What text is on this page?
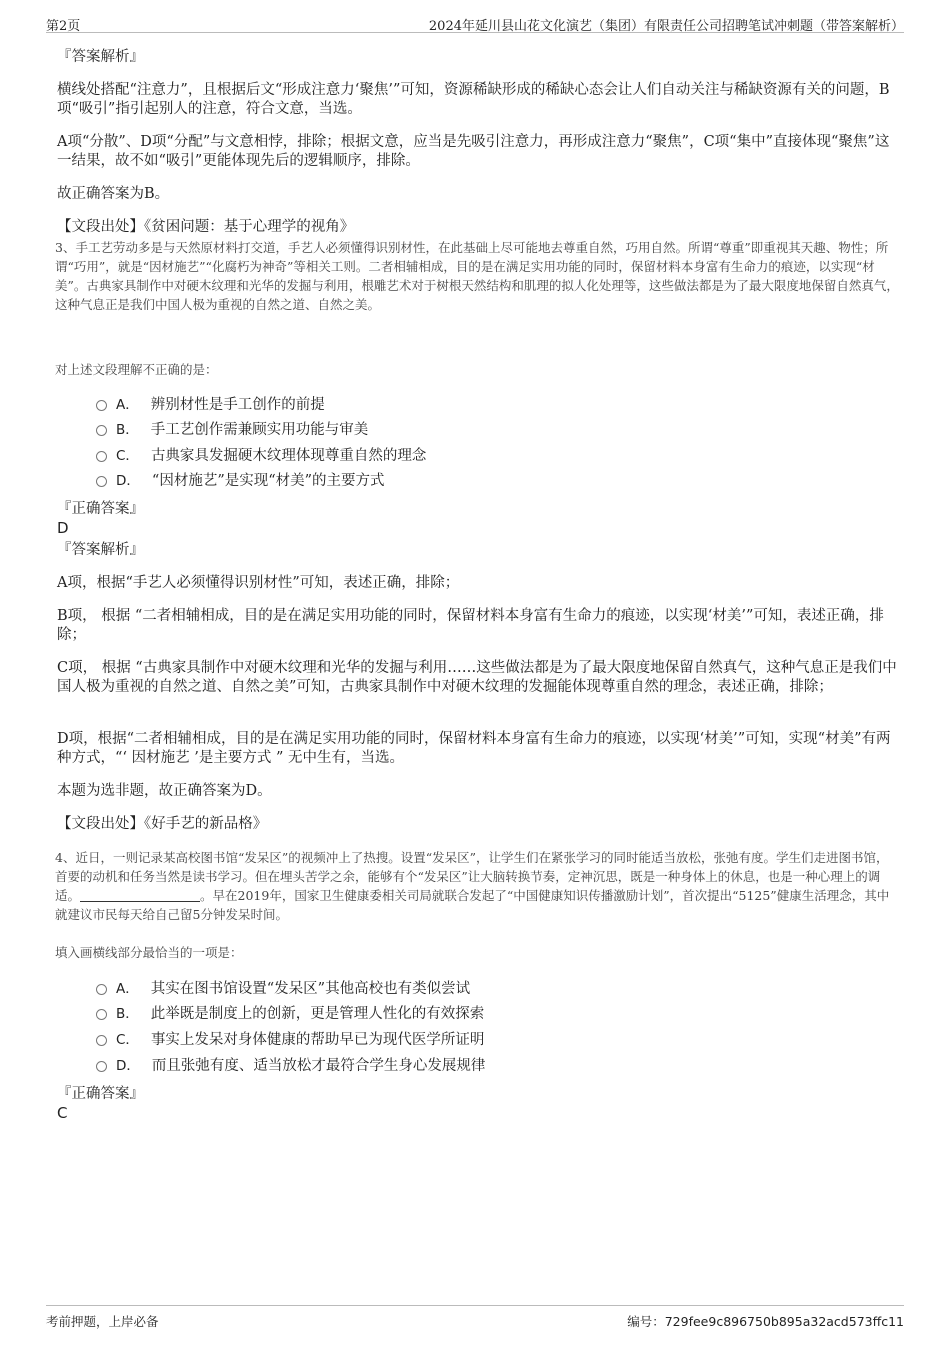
第2页	2024年延川县山花文化演艺（集团）有限责任公司招聘笔试冲刺题（带答案解析）
『答案解析』
横线处搭配“注意力”，且根据后文“形成注意力‘聚焦’”可知，资源稀缺形成的稀缺心态会让人们自动关注与稀缺资源有关的问题，B项“吸引”指引起别人的注意，符合文意，当选。
A项“分散”、D项“分配”与文意相悖，排除；根据文意，应当是先吸引注意力，再形成注意力“聚焦”，C项“集中”直接体现“聚焦”这一结果，故不如“吸引”更能体现先后的逻辑顺序，排除。
故正确答案为B。
【文段出处】《贫困问题：基于心理学的视角》
3、手工艺劳动多是与天然原材料打交道，手艺人必须懂得识别材性，在此基础上尽可能地去尊重自然，巧用自然。所谓“尊重”即重视其天趣、物性；所谓“巧用”，就是“因材施艺”“化腐朽为神奇”等相关工则。二者相辅相成，目的是在满足实用功能的同时，保留材料本身富有生命力的痕迹，以实现“材美”。古典家具制作中对硬木纹理和光华的发掘与利用，根雕艺术对于树根天然结构和肌理的拟人化处理等，这些做法都是为了最大限度地保留自然真气，这种气息正是我们中国人极为重视的自然之道、自然之美。
对上述文段理解不正确的是：
A． 辨别材性是手工创作的前提
B． 手工艺创作需兼顾实用功能与审美
C． 古典家具发掘硬木纹理体现尊重自然的理念
D． “因材施艺”是实现“材美”的主要方式
『正确答案』
D
『答案解析』
A项，根据“手艺人必须懂得识别材性”可知，表述正确，排除；
B项， 根据 “二者相辅相成，目的是在满足实用功能的同时，保留材料本身富有生命力的痕迹，以实现‘材美’”可知，表述正确，排除；
C项， 根据 “古典家具制作中对硬木纹理和光华的发掘与利用……这些做法都是为了最大限度地保留自然真气，这种气息正是我们中国人极为重视的自然之道、自然之美”可知，古典家具制作中对硬木纹理的发掘能体现尊重自然的理念，表述正确，排除；
D项，根据“二者相辅相成，目的是在满足实用功能的同时，保留材料本身富有生命力的痕迹，以实现‘材美’”可知，实现“材美”有两种方式，“‘ 因材施艺 ’是主要方式 ” 无中生有，当选。
本题为选非题，故正确答案为D。
【文段出处】《好手艺的新品格》
4、近日，一则记录某高校图书馆“发呆区”的视频冲上了热搜。设置“发呆区”，让学生们在紧张学习的同时能适当放松，张弛有度。学生们走进图书馆，首要的动机和任务当然是读书学习。但在埋头苦学之余，能够有个“发呆区”让大脑转换节奏，定神沉思，既是一种身体上的休息，也是一种心理上的调适。	。早在2019年，国家卫生健康委相关司局就联合发起了“中国健康知识传播激励计划”，首次提出“5125”健康生活理念，其中就建议市民每天给自己留5分钟发呆时间。
填入画横线部分最恰当的一项是：
A． 其实在图书馆设置“发呆区”其他高校也有类似尝试
B． 此举既是制度上的创新，更是管理人性化的有效探索
C． 事实上发呆对身体健康的帮助早已为现代医学所证明
D． 而且张弛有度、适当放松才最符合学生身心发展规律
『正确答案』
C
考前押题，上岸必备	编号：729fee9c896750b895a32acd573ffc11
